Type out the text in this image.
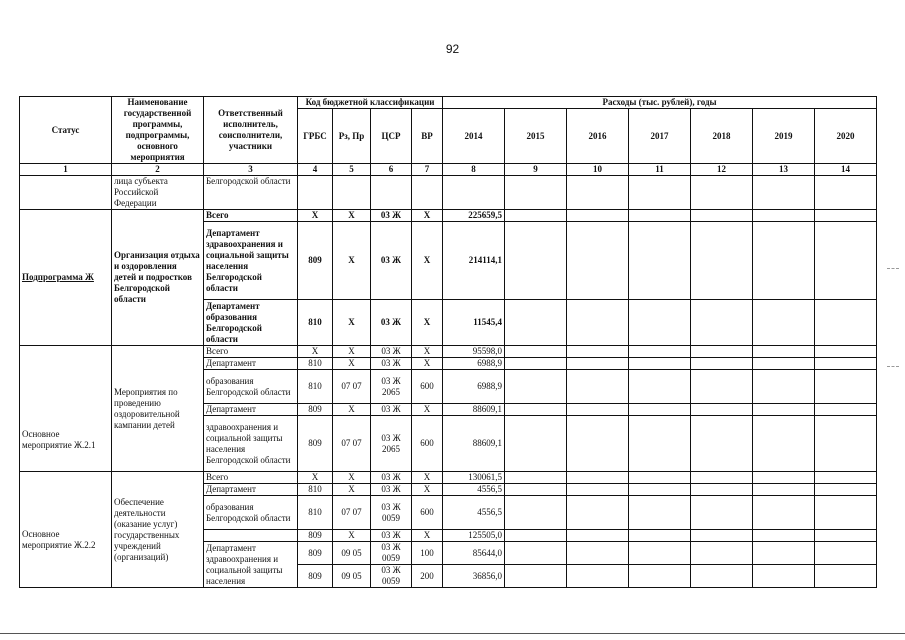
92
Статус	Наименование государственной программы, подпрограммы, основного мероприятия	Ответственный исполнитель, соисполнители, участники	Код бюджетной классификации				Расходы (тыс. рублей), годы						
			ГРБС	Рз, Пр	ЦСР	ВР	2014	2015	2016	2017	2018	2019	2020
1	2	3	4	5	6	7	8	9	10	11	12	13	14
	лица субъекта Российской Федерации	Белгородской области											
Подпрограмма Ж	Организация отдыха и оздоровления детей и подростков Белгородской области	Всего	Х	Х	03 Ж	Х	225659,5						
		Департамент здравоохранения и социальной защиты населения Белгородской области	809	Х	03 Ж	Х	214114,1						
		Департамент образования Белгородской области	810	Х	03 Ж	Х	11545,4						
Основное мероприятие Ж.2.1	Мероприятия по проведению оздоровительной кампании детей	Всего	Х	Х	03 Ж	Х	95598,0						
		Департамент	810	Х	03 Ж	Х	6988,9						
		образования Белгородской области	810	07 07	03 Ж 2065	600	6988,9						
		Департамент	809	Х	03 Ж	Х	88609,1						
		здравоохранения и социальной защиты населения Белгородской области	809	07 07	03 Ж 2065	600	88609,1						
Основное мероприятие Ж.2.2	Обеспечение деятельности (оказание услуг) государственных учреждений (организаций)	Всего	Х	Х	03 Ж	Х	130061,5						
		Департамент	810	Х	03 Ж	Х	4556,5						
		образования Белгородской области	810	07 07	03 Ж 0059	600	4556,5						
			809	Х	03 Ж	Х	125505,0						
		Департамент здравоохранения и социальной защиты населения	809	09 05	03 Ж 0059	100	85644,0						
			809	09 05	03 Ж 0059	200	36856,0						
